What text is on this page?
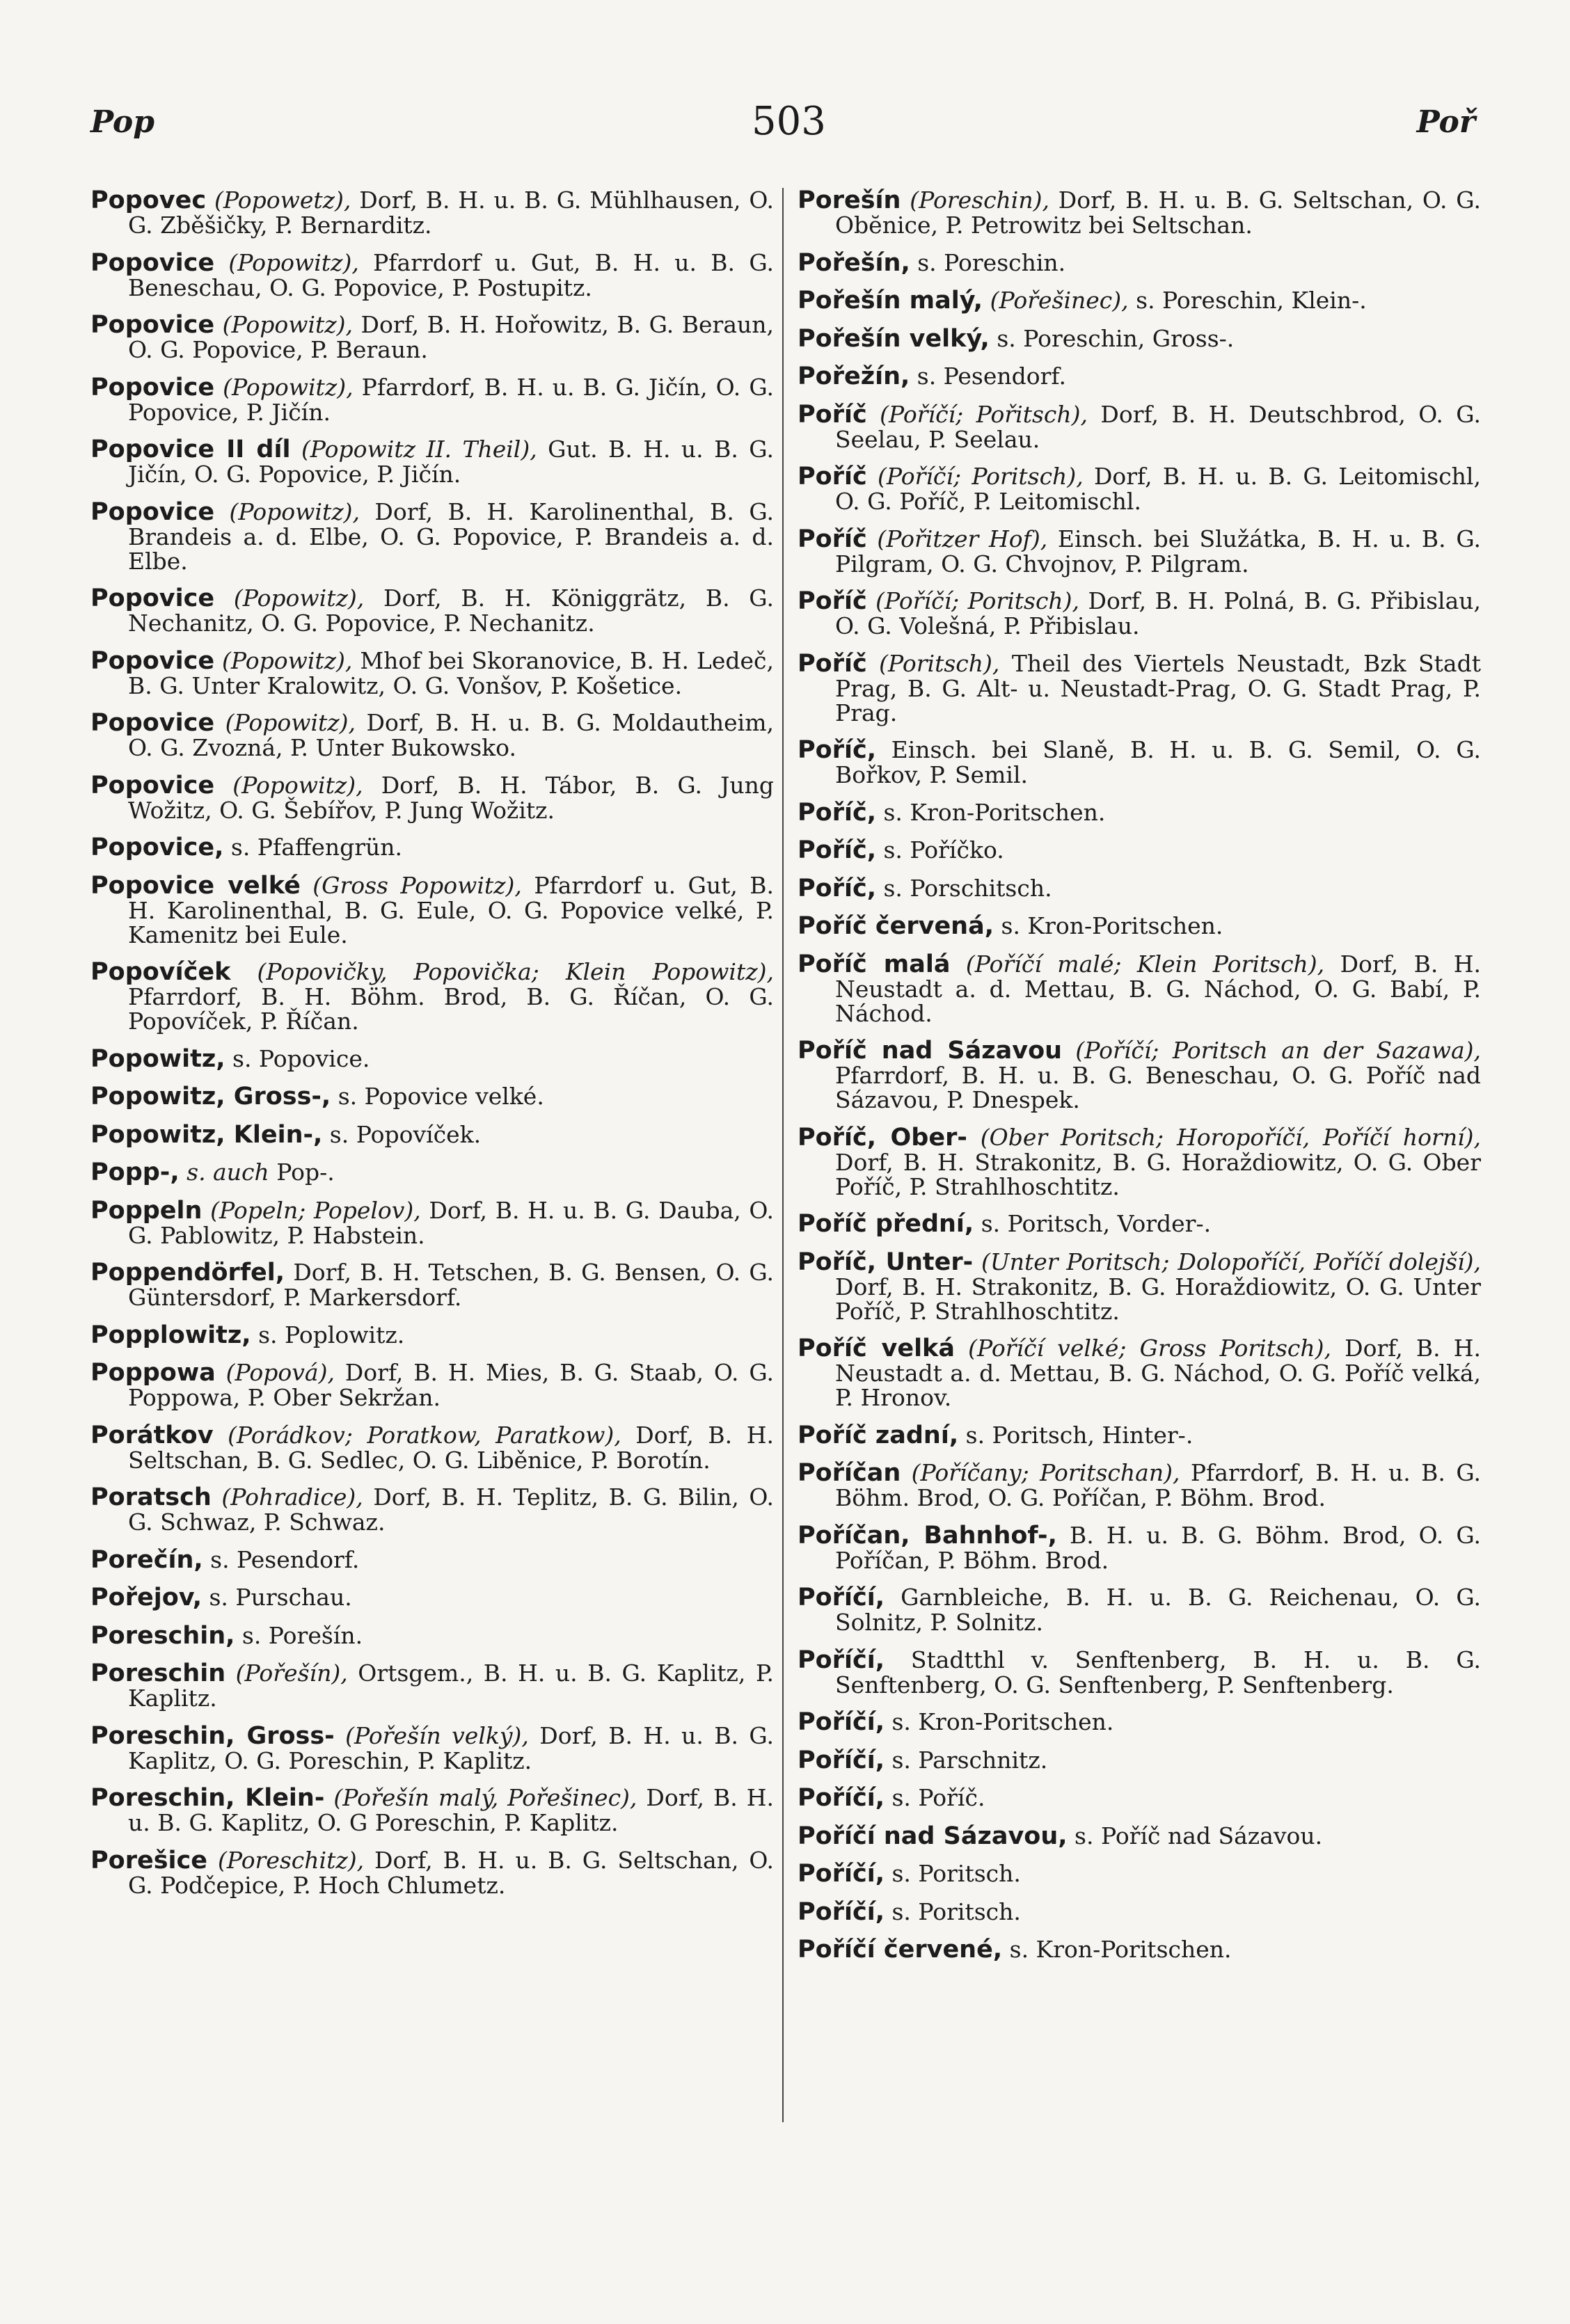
Pop	503	Poř
Popovec (Popowetz), Dorf, B. H. u. B. G. Mühlhausen, O. G. Zběšičky, P. Bernarditz.
Popovice (Popowitz), Pfarrdorf u. Gut, B. H. u. B. G. Beneschau, O. G. Popovice, P. Postupitz.
Popovice (Popowitz), Dorf, B. H. Hořowitz, B. G. Beraun, O. G. Popovice, P. Beraun.
Popovice (Popowitz), Pfarrdorf, B. H. u. B. G. Jičín, O. G. Popovice, P. Jičín.
Popovice II díl (Popowitz II. Theil), Gut. B. H. u. B. G. Jičín, O. G. Popovice, P. Jičín.
Popovice (Popowitz), Dorf, B. H. Karolinenthal, B. G. Brandeis a. d. Elbe, O. G. Popovice, P. Brandeis a. d. Elbe.
Popovice (Popowitz), Dorf, B. H. Königgrätz, B. G. Nechanitz, O. G. Popovice, P. Nechanitz.
Popovice (Popowitz), Mhof bei Skoranovice, B. H. Ledeč, B. G. Unter Kralowitz, O. G. Vonšov, P. Košetice.
Popovice (Popowitz), Dorf, B. H. u. B. G. Moldautheim, O. G. Zvozná, P. Unter Bukowsko.
Popovice (Popowitz), Dorf, B. H. Tábor, B. G. Jung Wožitz, O. G. Šebířov, P. Jung Wožitz.
Popovice, s. Pfaffengrün.
Popovice velké (Gross Popowitz), Pfarrdorf u. Gut, B. H. Karolinenthal, B. G. Eule, O. G. Popovice velké, P. Kamenitz bei Eule.
Popovíček (Popovičky, Popovička; Klein Popowitz), Pfarrdorf, B. H. Böhm. Brod, B. G. Říčan, O. G. Popovíček, P. Říčan.
Popowitz, s. Popovice.
Popowitz, Gross-, s. Popovice velké.
Popowitz, Klein-, s. Popovíček.
Popp-, s. auch Pop-.
Poppeln (Popeln; Popelov), Dorf, B. H. u. B. G. Dauba, O. G. Pablowitz, P. Habstein.
Poppendörfel, Dorf, B. H. Tetschen, B. G. Bensen, O. G. Güntersdorf, P. Markersdorf.
Popplowitz, s. Poplowitz.
Poppowa (Popová), Dorf, B. H. Mies, B. G. Staab, O. G. Poppowa, P. Ober Sekržan.
Porátkov (Porádkov; Poratkow, Paratkow), Dorf, B. H. Seltschan, B. G. Sedlec, O. G. Liběnice, P. Borotín.
Poratsch (Pohradice), Dorf, B. H. Teplitz, B. G. Bilin, O. G. Schwaz, P. Schwaz.
Porečín, s. Pesendorf.
Pořejov, s. Purschau.
Poreschin, s. Porešín.
Poreschin (Pořešín), Ortsgem., B. H. u. B. G. Kaplitz, P. Kaplitz.
Poreschin, Gross- (Pořešín velký), Dorf, B. H. u. B. G. Kaplitz, O. G. Poreschin, P. Kaplitz.
Poreschin, Klein- (Pořešín malý, Pořešinec), Dorf, B. H. u. B. G. Kaplitz, O. G Poreschin, P. Kaplitz.
Porešice (Poreschitz), Dorf, B. H. u. B. G. Seltschan, O. G. Podčepice, P. Hoch Chlumetz.
Porešín (Poreschin), Dorf, B. H. u. B. G. Seltschan, O. G. Obĕnice, P. Petrowitz bei Seltschan.
Pořešín, s. Poreschin.
Pořešín malý, (Pořešinec), s. Poreschin, Klein-.
Pořešín velký, s. Poreschin, Gross-.
Pořežín, s. Pesendorf.
Poříč (Poříčí; Pořitsch), Dorf, B. H. Deutschbrod, O. G. Seelau, P. Seelau.
Poříč (Poříčí; Poritsch), Dorf, B. H. u. B. G. Leitomischl, O. G. Poříč, P. Leitomischl.
Poříč (Pořitzer Hof), Einsch. bei Služátka, B. H. u. B. G. Pilgram, O. G. Chvojnov, P. Pilgram.
Poříč (Poříčí; Poritsch), Dorf, B. H. Polná, B. G. Přibislau, O. G. Volešná, P. Přibislau.
Poříč (Poritsch), Theil des Viertels Neustadt, Bzk Stadt Prag, B. G. Alt- u. Neustadt-Prag, O. G. Stadt Prag, P. Prag.
Poříč, Einsch. bei Slaně, B. H. u. B. G. Semil, O. G. Bořkov, P. Semil.
Poříč, s. Kron-Poritschen.
Poříč, s. Poříčko.
Poříč, s. Porschitsch.
Poříč červená, s. Kron-Poritschen.
Poříč malá (Poříčí malé; Klein Poritsch), Dorf, B. H. Neustadt a. d. Mettau, B. G. Náchod, O. G. Babí, P. Náchod.
Poříč nad Sázavou (Poříčí; Poritsch an der Sazawa), Pfarrdorf, B. H. u. B. G. Beneschau, O. G. Poříč nad Sázavou, P. Dnespek.
Poříč, Ober- (Ober Poritsch; Horopoříčí, Poříčí horní), Dorf, B. H. Strakonitz, B. G. Horaždiowitz, O. G. Ober Poříč, P. Strahlhoschtitz.
Poříč přední, s. Poritsch, Vorder-.
Poříč, Unter- (Unter Poritsch; Dolopoříčí, Poříčí dolejší), Dorf, B. H. Strakonitz, B. G. Horaždiowitz, O. G. Unter Poříč, P. Strahlhoschtitz.
Poříč velká (Poříčí velké; Gross Poritsch), Dorf, B. H. Neustadt a. d. Mettau, B. G. Náchod, O. G. Poříč velká, P. Hronov.
Poříč zadní, s. Poritsch, Hinter-.
Poříčan (Poříčany; Poritschan), Pfarrdorf, B. H. u. B. G. Böhm. Brod, O. G. Poříčan, P. Böhm. Brod.
Poříčan, Bahnhof-, B. H. u. B. G. Böhm. Brod, O. G. Poříčan, P. Böhm. Brod.
Poříčí, Garnbleiche, B. H. u. B. G. Reichenau, O. G. Solnitz, P. Solnitz.
Poříčí, Stadtthl v. Senftenberg, B. H. u. B. G. Senftenberg, O. G. Senftenberg, P. Senftenberg.
Poříčí, s. Kron-Poritschen.
Poříčí, s. Parschnitz.
Poříčí, s. Poříč.
Poříčí nad Sázavou, s. Poříč nad Sázavou.
Poříčí, s. Poritsch.
Poříčí, s. Poritsch.
Poříčí červené, s. Kron-Poritschen.
